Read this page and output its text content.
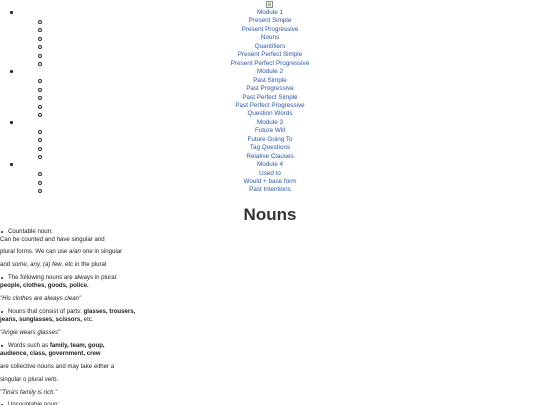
Module 1
Present Simple
Present Progressive
Nouns
Quantifiers
Present Perfect Simple
Present Perfect Progressive
Module 2
Past Simple
Past Progressive
Past Perfect Simple
Past Perfect Progressive
Question Words
Module 3
Future Will
Future Going To
Tag Questions
Relative Clauses
Module 4
Used to
Would + base form
Past Intentions
Nouns
Countable noun:
Can be counted and have singular and
plural forms. We can use a/an one in singular
and some, any, (a) few, etc in the plural
The following nouns are always in plural.
people, clothes, goods, police.
"His clothes are always clean"
Nouns that consist of parts: glasses, trousers,
jeans, sunglasses, scissors, etc.
"Angie wears glasses"
Words such as family, team, goup,
audience, class, government, crew
are collective nouns and may take either a
singular o plural verb.
"Tina's family is rich."
Uncountable noun:
